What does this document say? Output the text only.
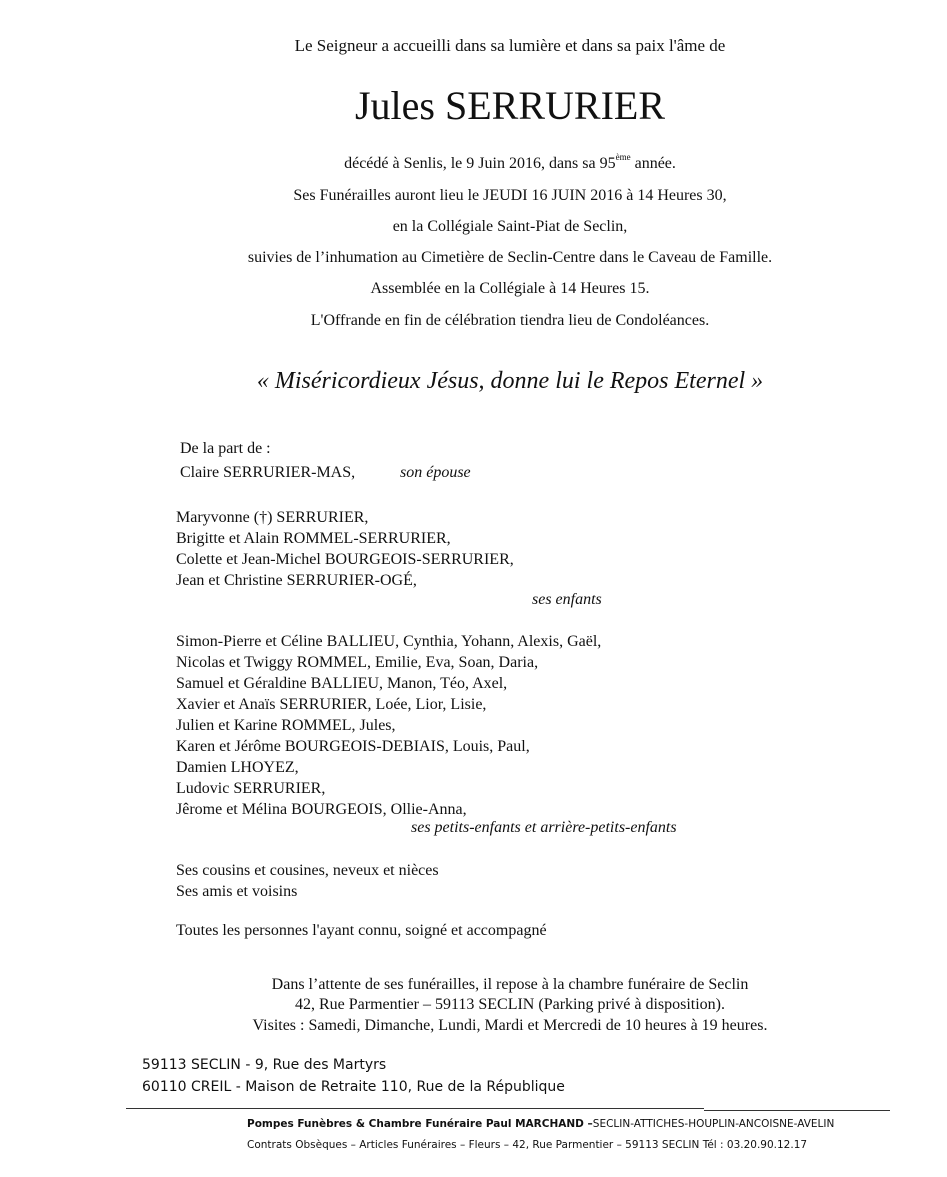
Le Seigneur a accueilli dans sa lumière et dans sa paix l'âme de
Jules SERRURIER
décédé à Senlis, le 9 Juin 2016, dans sa 95ème année.
Ses Funérailles auront lieu le JEUDI 16 JUIN 2016 à 14 Heures 30,
en la Collégiale Saint-Piat de Seclin,
suivies de l’inhumation au Cimetière de Seclin-Centre dans le Caveau de Famille.
Assemblée en la Collégiale à 14 Heures 15.
L'Offrande en fin de célébration tiendra lieu de Condoléances.
« Miséricordieux Jésus, donne lui le Repos Eternel »
De la part de :
Claire SERRURIER-MAS,	son épouse
Maryvonne (†) SERRURIER,
Brigitte et Alain ROMMEL-SERRURIER,
Colette et Jean-Michel BOURGEOIS-SERRURIER,
Jean et Christine SERRURIER-OGÉ,
ses enfants
Simon-Pierre et Céline BALLIEU, Cynthia, Yohann, Alexis, Gaël,
Nicolas et Twiggy ROMMEL, Emilie, Eva, Soan, Daria,
Samuel et Géraldine BALLIEU, Manon, Téo, Axel,
Xavier et Anaïs SERRURIER, Loée, Lior, Lisie,
Julien et Karine ROMMEL, Jules,
Karen et Jérôme BOURGEOIS-DEBIAIS, Louis, Paul,
Damien LHOYEZ,
Ludovic SERRURIER,
Jêrome et Mélina BOURGEOIS, Ollie-Anna,
ses petits-enfants et arrière-petits-enfants
Ses cousins et cousines, neveux et nièces
Ses amis et voisins
Toutes les personnes l'ayant connu, soigné et accompagné
Dans l’attente de ses funérailles, il repose à la chambre funéraire de Seclin
42, Rue Parmentier – 59113 SECLIN (Parking privé à disposition).
Visites : Samedi, Dimanche, Lundi, Mardi et Mercredi de 10 heures à 19 heures.
59113 SECLIN - 9, Rue des Martyrs
60110 CREIL - Maison de Retraite 110, Rue de la République
Pompes Funèbres & Chambre Funéraire Paul MARCHAND –SECLIN-ATTICHES-HOUPLIN-ANCOISNE-AVELIN
Contrats Obsèques – Articles Funéraires – Fleurs – 42, Rue Parmentier – 59113 SECLIN Tél : 03.20.90.12.17
